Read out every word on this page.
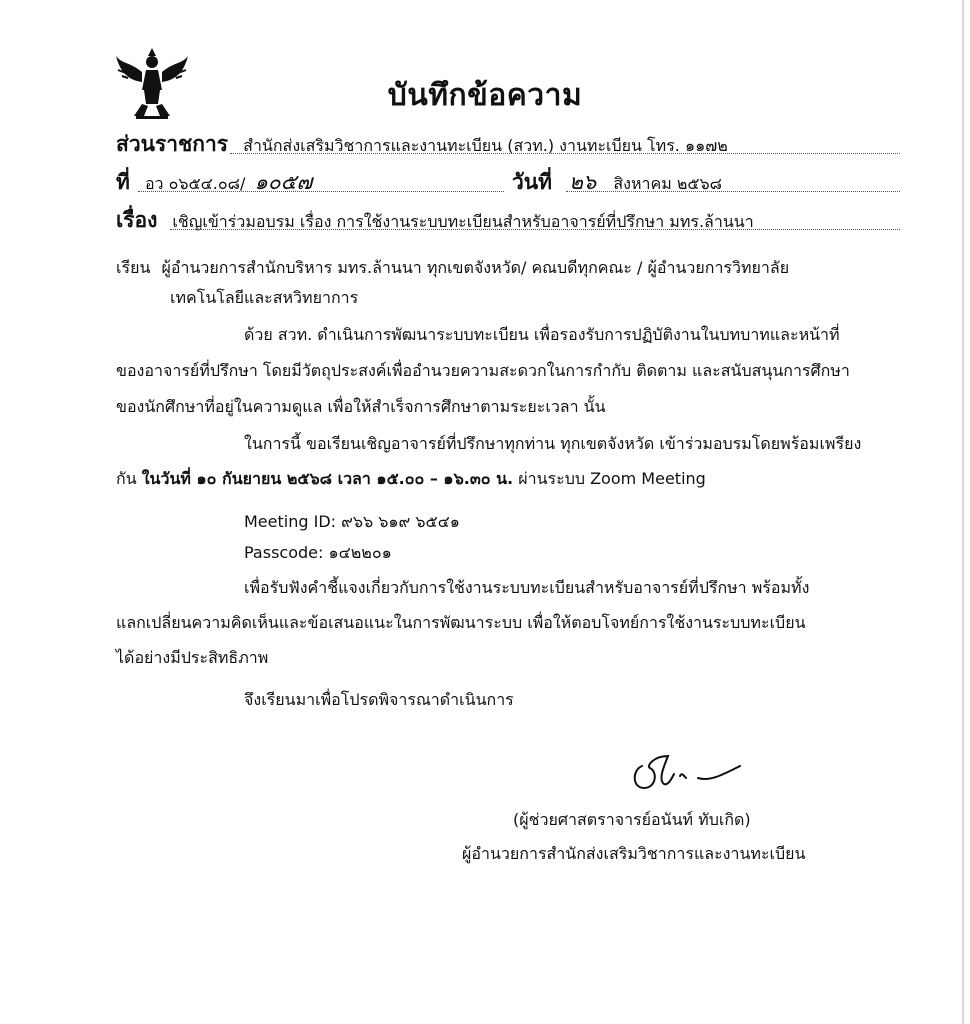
บันทึกข้อความ
ส่วนราชการ สำนักส่งเสริมวิชาการและงานทะเบียน (สวท.) งานทะเบียน โทร. ๑๑๗๒
ที่ อว ๐๖๕๔.๐๘/ ๑๐๕๗	วันที่ ๒๖ สิงหาคม ๒๕๖๘
เรื่อง เชิญเข้าร่วมอบรม เรื่อง การใช้งานระบบทะเบียนสำหรับอาจารย์ที่ปรึกษา มทร.ล้านนา
เรียน ผู้อำนวยการสำนักบริหาร มทร.ล้านนา ทุกเขตจังหวัด/ คณบดีทุกคณะ / ผู้อำนวยการวิทยาลัย
เทคโนโลยีและสหวิทยาการ
ด้วย สวท. ดำเนินการพัฒนาระบบทะเบียน เพื่อรองรับการปฏิบัติงานในบทบาทและหน้าที่
ของอาจารย์ที่ปรึกษา โดยมีวัตถุประสงค์เพื่ออำนวยความสะดวกในการกำกับ ติดตาม และสนับสนุนการศึกษา
ของนักศึกษาที่อยู่ในความดูแล เพื่อให้สำเร็จการศึกษาตามระยะเวลา นั้น
ในการนี้ ขอเรียนเชิญอาจารย์ที่ปรึกษาทุกท่าน ทุกเขตจังหวัด เข้าร่วมอบรมโดยพร้อมเพรียง
กัน ในวันที่ ๑๐ กันยายน ๒๕๖๘ เวลา ๑๕.๐๐ – ๑๖.๓๐ น. ผ่านระบบ Zoom Meeting
Meeting ID: ๙๖๖ ๖๑๙ ๖๕๔๑
Passcode: ๑๔๒๒๐๑
เพื่อรับฟังคำชี้แจงเกี่ยวกับการใช้งานระบบทะเบียนสำหรับอาจารย์ที่ปรึกษา พร้อมทั้ง
แลกเปลี่ยนความคิดเห็นและข้อเสนอแนะในการพัฒนาระบบ เพื่อให้ตอบโจทย์การใช้งานระบบทะเบียน
ได้อย่างมีประสิทธิภาพ
จึงเรียนมาเพื่อโปรดพิจารณาดำเนินการ
(ผู้ช่วยศาสตราจารย์อนันท์ ทับเกิด)
ผู้อำนวยการสำนักส่งเสริมวิชาการและงานทะเบียน
